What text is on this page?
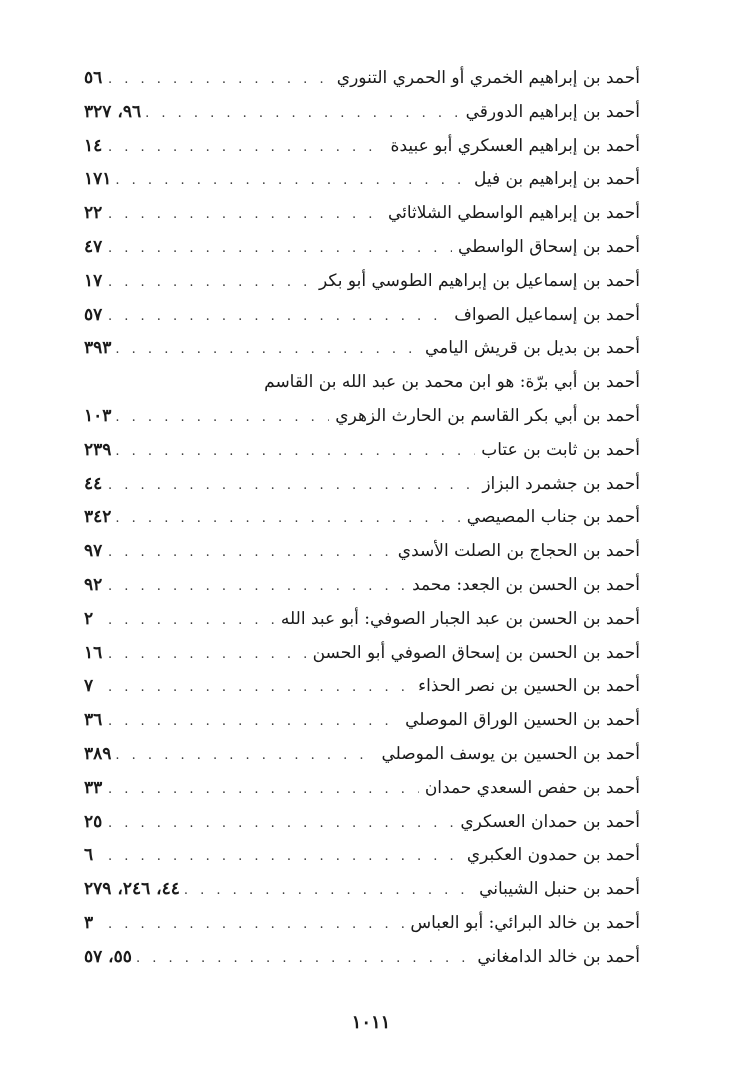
أحمد بن إبراهيم الخمري أو الحمري التنوري
. . .
٥٦
أحمد بن إبراهيم الدورقي
. . .
٩٦، ٣٢٧
أحمد بن إبراهيم العسكري أبو عبيدة
. . .
١٤
أحمد بن إبراهيم بن فيل
. . .
١٧١
أحمد بن إبراهيم الواسطي الشلاثائي
. . .
٢٢
أحمد بن إسحاق الواسطي
. . .
٤٧
أحمد بن إسماعيل بن إبراهيم الطوسي أبو بكر
. . .
١٧
أحمد بن إسماعيل الصواف
. . .
٥٧
أحمد بن بديل بن قريش اليامي
. . .
٣٩٣
أحمد بن أبي برّة: هو ابن محمد بن عبد الله بن القاسم
أحمد بن أبي بكر القاسم بن الحارث الزهري
. . .
١٠٣
أحمد بن ثابت بن عتاب
. . .
٢٣٩
أحمد بن جشمرد البزاز
. . .
٤٤
أحمد بن جناب المصيصي
. . .
٣٤٢
أحمد بن الحجاج بن الصلت الأسدي
. . .
٩٧
أحمد بن الحسن بن الجعد: محمد
. . .
٩٢
أحمد بن الحسن بن عبد الجبار الصوفي: أبو عبد الله
. . .
٢
أحمد بن الحسن بن إسحاق الصوفي أبو الحسن
. . .
١٦
أحمد بن الحسين بن نصر الحذاء
. . .
٧
أحمد بن الحسين الوراق الموصلي
. . .
٣٦
أحمد بن الحسين بن يوسف الموصلي
. . .
٣٨٩
أحمد بن حفص السعدي حمدان
. . .
٣٣
أحمد بن حمدان العسكري
. . .
٢٥
أحمد بن حمدون العكبري
. . .
٦
أحمد بن حنبل الشيباني
. . .
٤٤، ٢٤٦، ٢٧٩
أحمد بن خالد البرائي: أبو العباس
. . .
٣
أحمد بن خالد الدامغاني
. . .
٥٥، ٥٧
١٠١١
